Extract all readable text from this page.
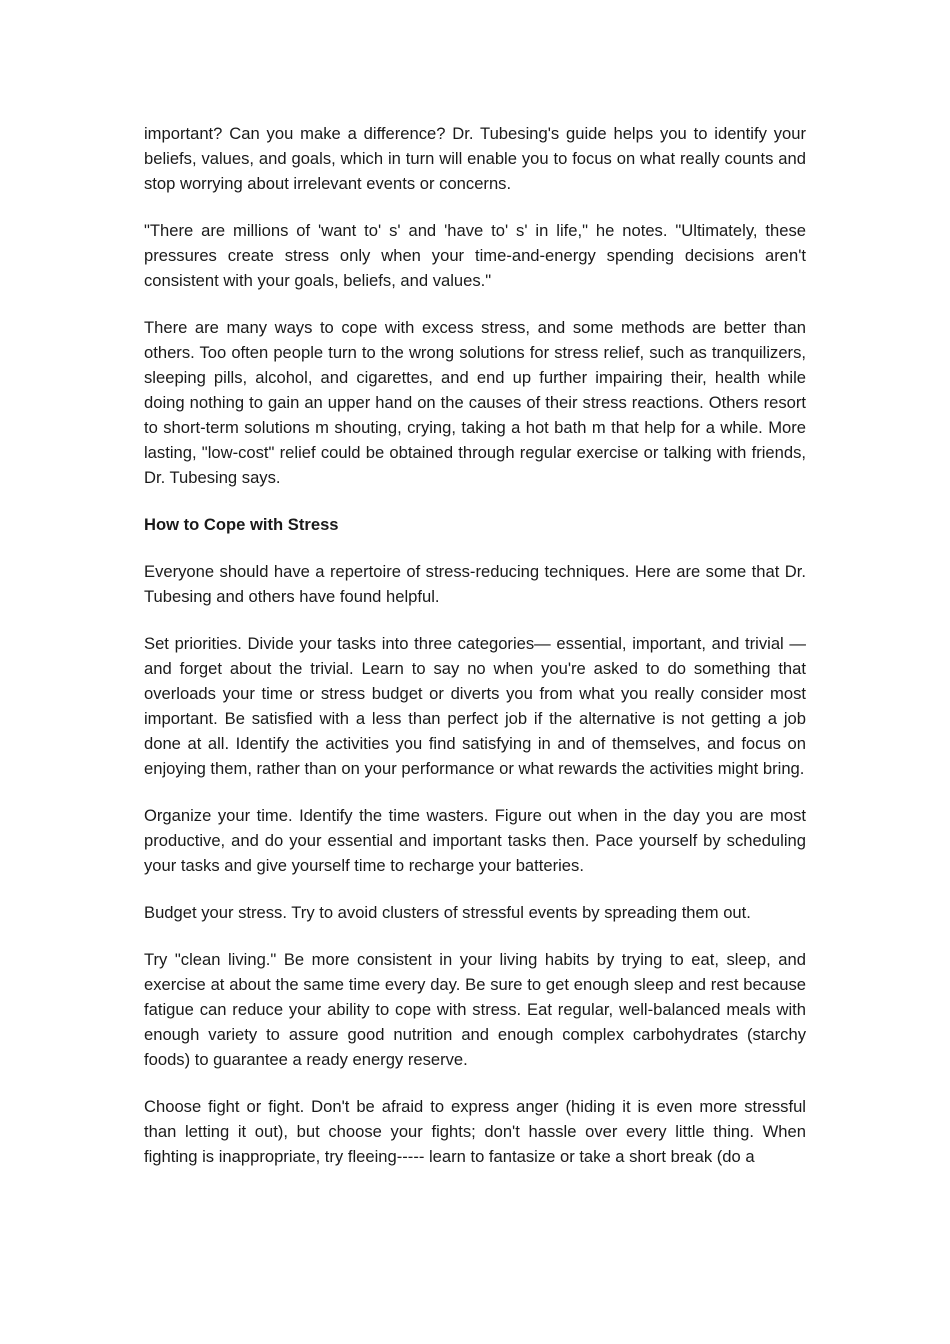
important? Can you make a difference? Dr. Tubesing's guide helps you to identify your beliefs, values, and goals, which in turn will enable you to focus on what really counts and stop worrying about irrelevant events or concerns.

"There are millions of 'want to' s' and 'have to' s' in life," he notes. "Ultimately, these pressures create stress only when your time-and-energy spending decisions aren't consistent with your goals, beliefs, and values."

There are many ways to cope with excess stress, and some methods are better than others. Too often people turn to the wrong solutions for stress relief, such as tranquilizers, sleeping pills, alcohol, and cigarettes, and end up further impairing their, health while doing nothing to gain an upper hand on the causes of their stress reactions. Others resort to short-term solutions m shouting, crying, taking a hot bath m that help for a while. More lasting, "low-cost" relief could be obtained through regular exercise or talking with friends, Dr. Tubesing says.

How to Cope with Stress

Everyone should have a repertoire of stress-reducing techniques. Here are some that Dr. Tubesing and others have found helpful.

Set priorities. Divide your tasks into three categories— essential, important, and trivial — and forget about the trivial. Learn to say no when you're asked to do something that overloads your time or stress budget or diverts you from what you really consider most important. Be satisfied with a less than perfect job if the alternative is not getting a job done at all. Identify the activities you find satisfying in and of themselves, and focus on enjoying them, rather than on your performance or what rewards the activities might bring.

Organize your time. Identify the time wasters. Figure out when in the day you are most productive, and do your essential and important tasks then. Pace yourself by scheduling your tasks and give yourself time to recharge your batteries.

Budget your stress. Try to avoid clusters of stressful events by spreading them out.

Try "clean living." Be more consistent in your living habits by trying to eat, sleep, and exercise at about the same time every day. Be sure to get enough sleep and rest because fatigue can reduce your ability to cope with stress. Eat regular, well-balanced meals with enough variety to assure good nutrition and enough complex carbohydrates (starchy foods) to guarantee a ready energy reserve.

Choose fight or fight. Don't be afraid to express anger (hiding it is even more stressful than letting it out), but choose your fights; don't hassle over every little thing. When fighting is inappropriate, try fleeing----- learn to fantasize or take a short break (do a
